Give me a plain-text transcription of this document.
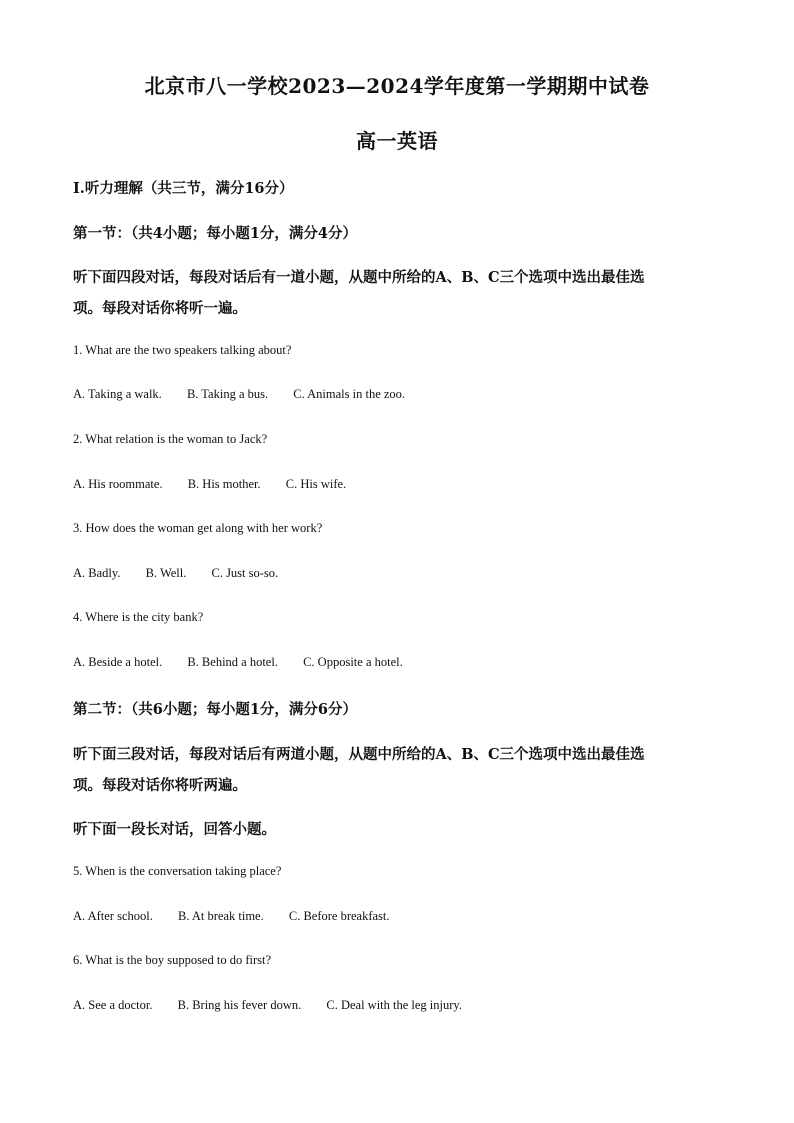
北京市八一学校2023—2024学年度第一学期期中试卷
高一英语
Ⅰ.听力理解（共三节，满分16分）
第一节：（共4小题；每小题1分，满分4分）
听下面四段对话，每段对话后有一道小题，从题中所给的A、B、C三个选项中选出最佳选
项。每段对话你将听一遍。
1. What are the two speakers talking about?
A. Taking a walk. B. Taking a bus. C. Animals in the zoo.
2. What relation is the woman to Jack?
A. His roommate. B. His mother. C. His wife.
3. How does the woman get along with her work?
A. Badly. B. Well. C. Just so-so.
4. Where is the city bank?
A. Beside a hotel. B. Behind a hotel. C. Opposite a hotel.
第二节：（共6小题；每小题1分，满分6分）
听下面三段对话，每段对话后有两道小题，从题中所给的A、B、C三个选项中选出最佳选
项。每段对话你将听两遍。
听下面一段长对话，回答小题。
5. When is the conversation taking place?
A. After school. B. At break time. C. Before breakfast.
6. What is the boy supposed to do first?
A. See a doctor. B. Bring his fever down. C. Deal with the leg injury.
